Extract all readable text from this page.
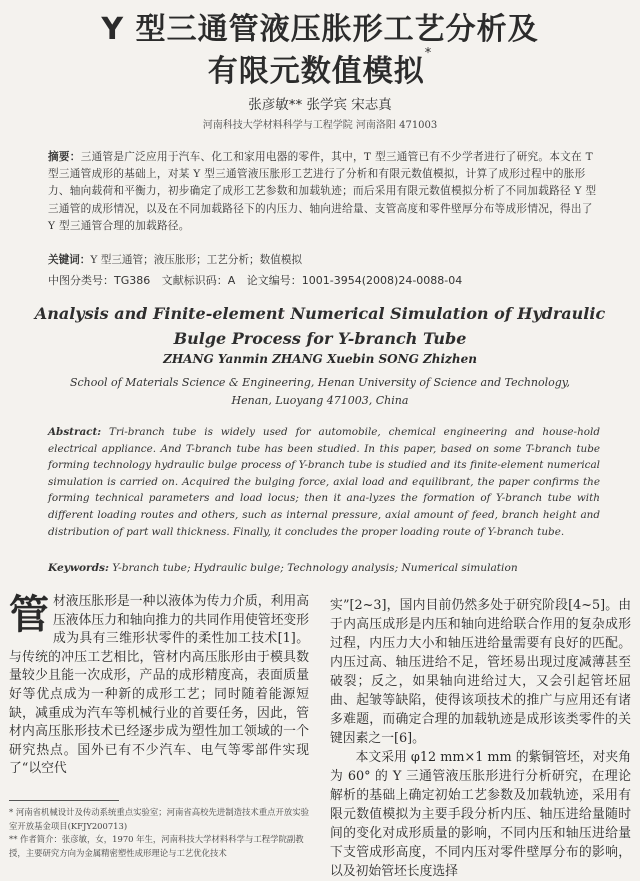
Y 型三通管液压胀形工艺分析及
有限元数值模拟*
张彦敏** 张学宾 宋志真
河南科技大学材料科学与工程学院 河南洛阳 471003
摘要：三通管是广泛应用于汽车、化工和家用电器的零件，其中，T 型三通管已有不少学者进行了研究。本文在 T 型三通管成形的基础上，对某 Y 型三通管液压胀形工艺进行了分析和有限元数值模拟，计算了成形过程中的胀形力、轴向载荷和平衡力，初步确定了成形工艺参数和加载轨迹；而后采用有限元数值模拟分析了不同加载路径 Y 型三通管的成形情况，以及在不同加载路径下的内压力、轴向进给量、支管高度和零件壁厚分布等成形情况，得出了 Y 型三通管合理的加载路径。
关键词：Y 型三通管；液压胀形；工艺分析；数值模拟
中图分类号：TG386 文献标识码：A 论文编号：1001-3954(2008)24-0088-04
Analysis and Finite-element Numerical Simulation of Hydraulic
Bulge Process for Y-branch Tube
ZHANG Yanmin ZHANG Xuebin SONG Zhizhen
School of Materials Science & Engineering, Henan University of Science and Technology,
Henan, Luoyang 471003, China
Abstract: Tri-branch tube is widely used for automobile, chemical engineering and house-hold electrical appliance. And T-branch tube has been studied. In this paper, based on some T-branch tube forming technology hydraulic bulge process of Y-branch tube is studied and its finite-element numerical simulation is carried on. Acquired the bulging force, axial load and equilibrant, the paper confirms the forming technical parameters and load locus; then it ana-lyzes the formation of Y-branch tube with different loading routes and others, such as internal pressure, axial amount of feed, branch height and distribution of part wall thickness. Finally, it concludes the proper loading route of Y-branch tube.
Keywords: Y-branch tube; Hydraulic bulge; Technology analysis; Numerical simulation
管材液压胀形是一种以液体为传力介质，利用高压液体压力和轴向推力的共同作用使管坯变形成为具有三维形状零件的柔性加工技术[1]。与传统的冲压工艺相比，管材内高压胀形由于模具数量较少且能一次成形，产品的成形精度高，表面质量好等优点成为一种新的成形工艺；同时随着能源短缺，减重成为汽车等机械行业的首要任务，因此，管材内高压胀形技术已经逐步成为塑性加工领域的一个研究热点。国外已有不少汽车、电气等零部件实现了“以空代
* 河南省机械设计及传动系统重点实验室；河南省高校先进制造技术重点开放实验室开放基金项目(KFJY200713)
** 作者简介：张彦敏，女，1970 年生，河南科技大学材料科学与工程学院副教授，主要研究方向为金属精密塑性成形理论与工艺优化技术
实”[2~3]，国内目前仍然多处于研究阶段[4~5]。由于内高压成形是内压和轴向进给联合作用的复杂成形过程，内压力大小和轴压进给量需要有良好的匹配。内压过高、轴压进给不足，管坯易出现过度减薄甚至破裂；反之，如果轴向进给过大，又会引起管坯屈曲、起皱等缺陷，使得该项技术的推广与应用还有诸多难题，而确定合理的加载轨迹是成形该类零件的关键因素之一[6]。
本文采用 φ12 mm×1 mm 的紫铜管坯，对夹角为 60° 的 Y 三通管液压胀形进行分析研究，在理论解析的基础上确定初始工艺参数及加载轨迹，采用有限元数值模拟为主要手段分析内压、轴压进给量随时间的变化对成形质量的影响，不同内压和轴压进给量下支管成形高度，不同内压对零件壁厚分布的影响，以及初始管坯长度选择
